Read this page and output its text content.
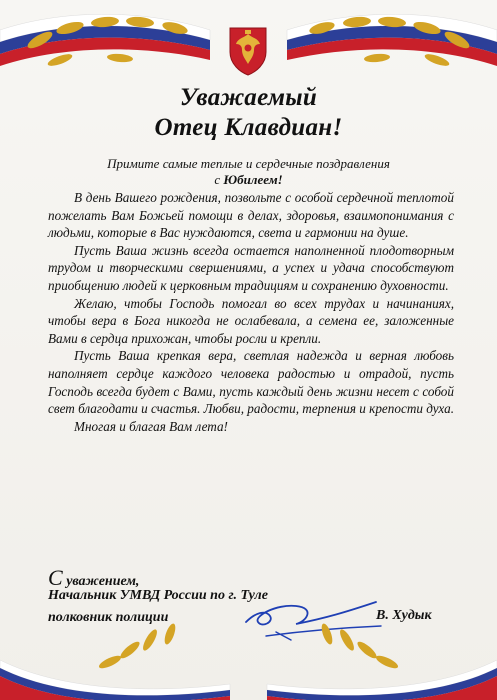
Уважаемый
Отец Клавдиан!
Примите самые теплые и сердечные поздравления
с Юбилеем!

В день Вашего рождения, позвольте с особой сердечной теплотой пожелать Вам Божьей помощи в делах, здоровья, взаимопонимания с людьми, которые в Вас нуждаются, света и гармонии на душе.

Пусть Ваша жизнь всегда остается наполненной плодотворным трудом и творческими свершениями, а успех и удача способствуют приобщению людей к церковным традициям и сохранению духовности.

Желаю, чтобы Господь помогал во всех трудах и начинаниях, чтобы вера в Бога никогда не ослабевала, а семена ее, заложенные Вами в сердца прихожан, чтобы росли и крепли.

Пусть Ваша крепкая вера, светлая надежда и верная любовь наполняет сердце каждого человека радостью и отрадой, пусть Господь всегда будет с Вами, пусть каждый день жизни несет с собой свет благодати и счастья. Любви, радости, терпения и крепости духа.

Многая и благая Вам лета!

С уважением,
Начальник УМВД России по г. Туле
полковник полиции	В. Худык
